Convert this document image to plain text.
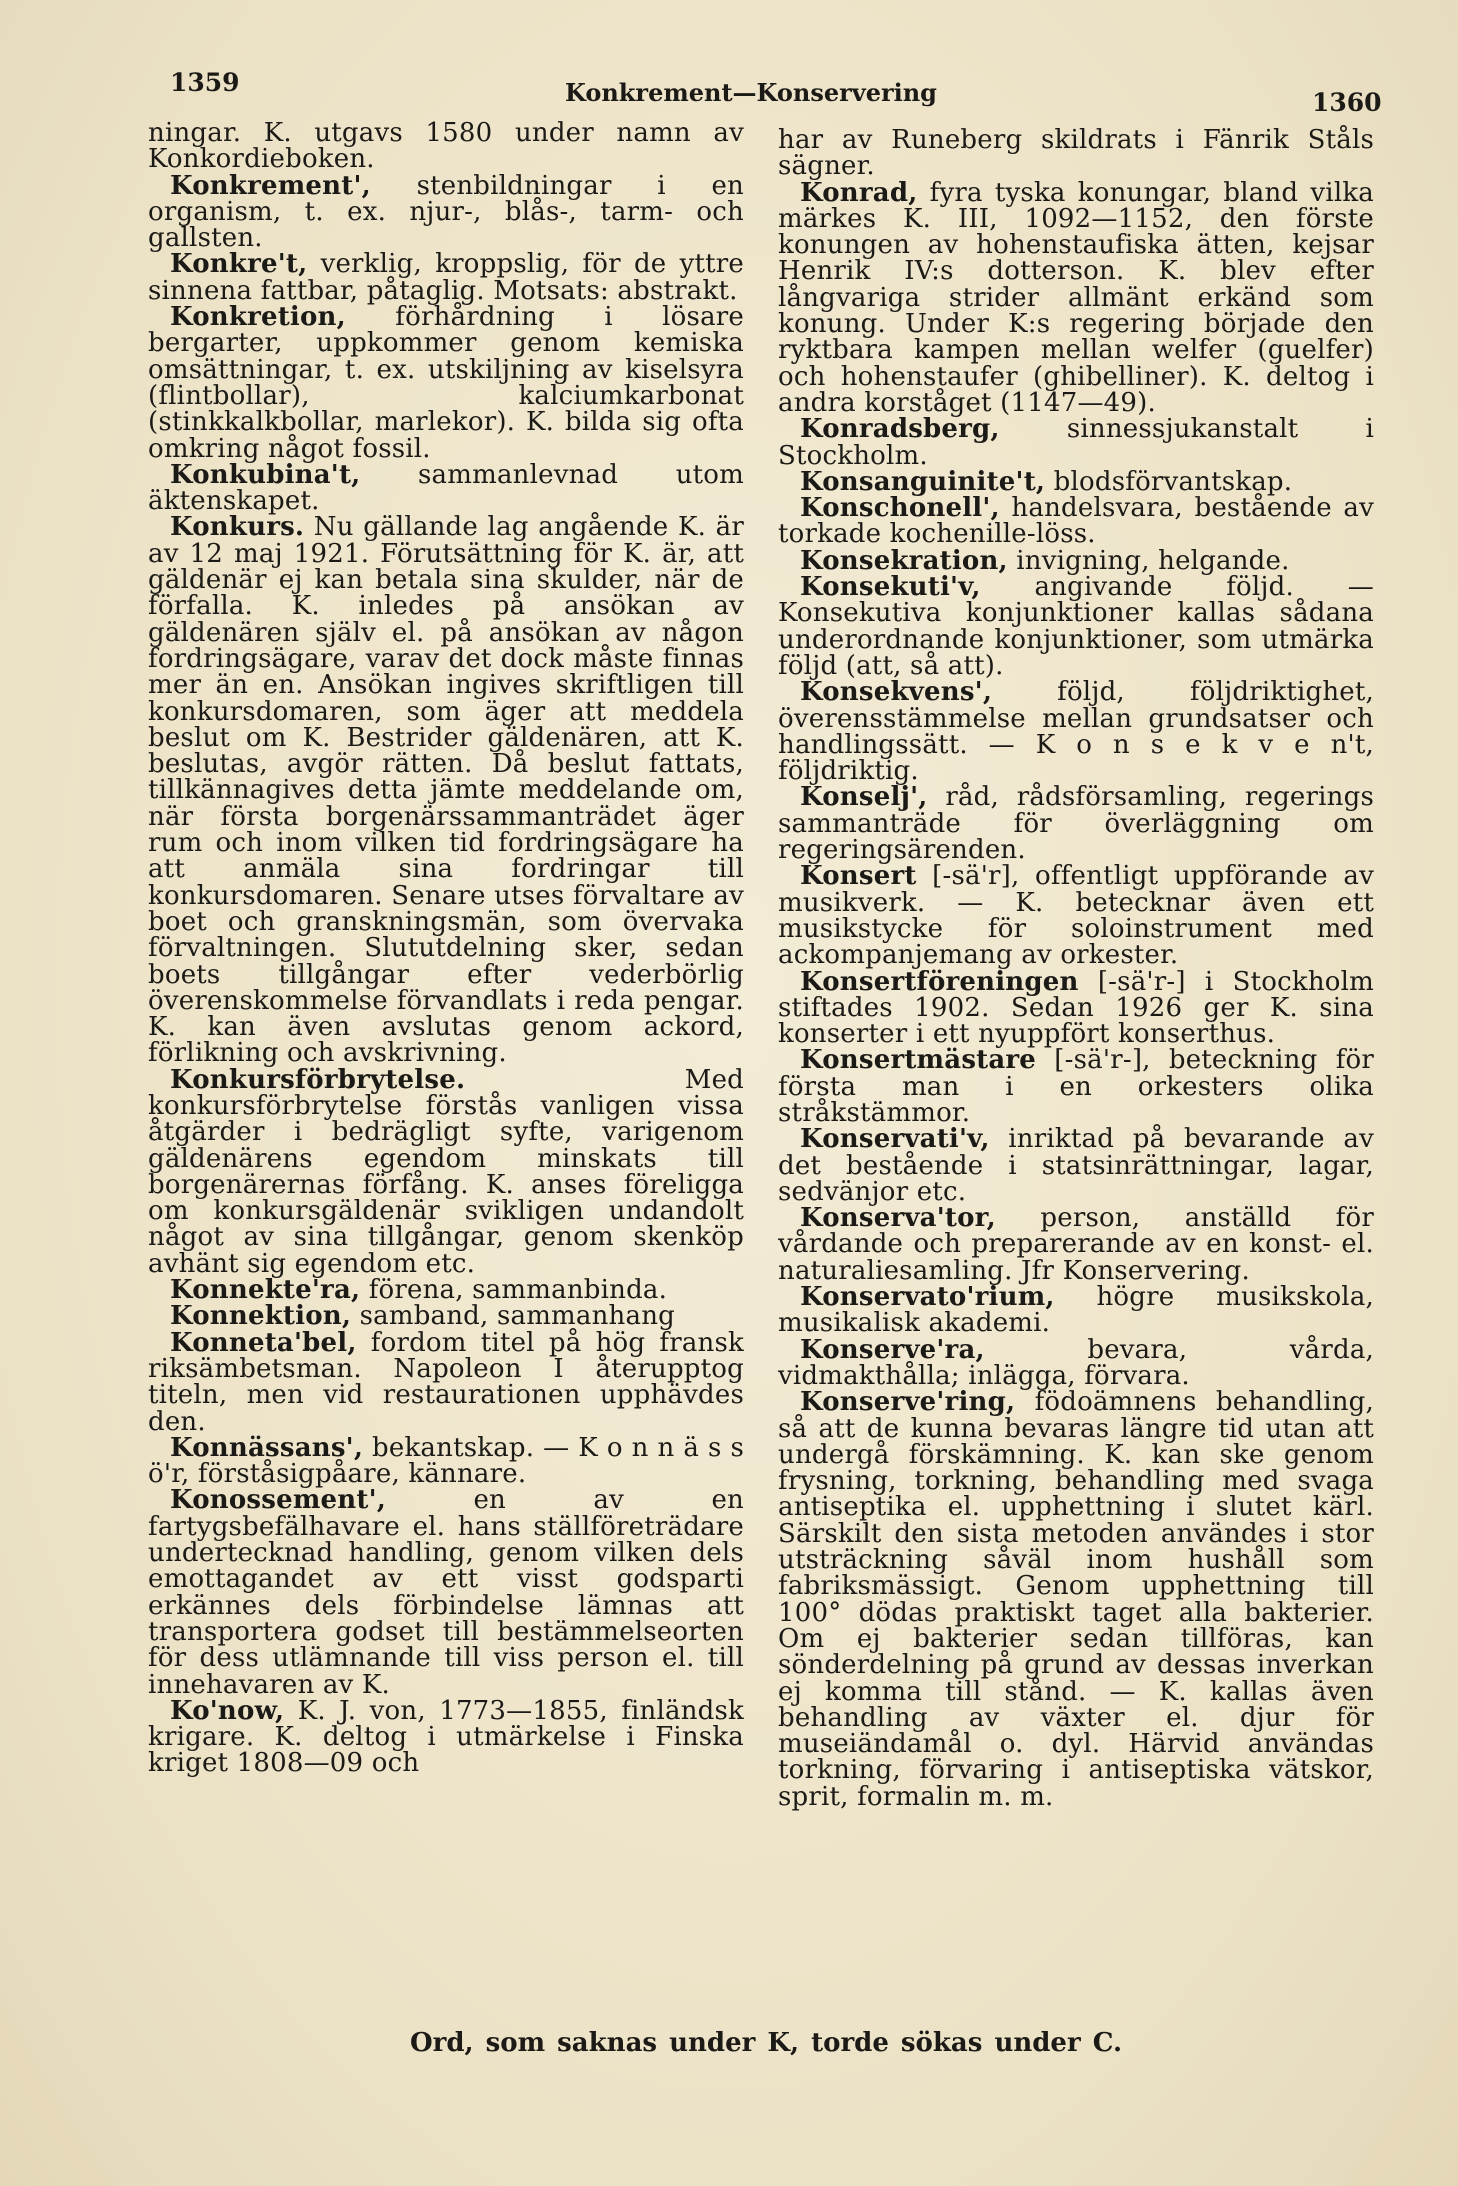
1359	Konkrement—Konservering	1360
ningar. K. utgavs 1580 under namn av Konkordieboken.
Konkrement', stenbildningar i en organism, t. ex. njur-, blås-, tarm- och gallsten.
Konkre't, verklig, kroppslig, för de yttre sinnena fattbar, påtaglig. Motsats: abstrakt.
Konkretion, förhårdning i lösare bergarter, uppkommer genom kemiska omsättningar, t. ex. utskiljning av kiselsyra (flintbollar), kalciumkarbonat (stinkkalkbollar, marlekor). K. bilda sig ofta omkring något fossil.
Konkubina't, sammanlevnad utom äktenskapet.
Konkurs. Nu gällande lag angående K. är av 12 maj 1921. Förutsättning för K. är, att gäldenär ej kan betala sina skulder, när de förfalla. K. inledes på ansökan av gäldenären själv el. på ansökan av någon fordringsägare, varav det dock måste finnas mer än en. Ansökan ingives skriftligen till konkursdomaren, som äger att meddela beslut om K. Bestrider gäldenären, att K. beslutas, avgör rätten. Då beslut fattats, tillkännagives detta jämte meddelande om, när första borgenärssammanträdet äger rum och inom vilken tid fordringsägare ha att anmäla sina fordringar till konkursdomaren. Senare utses förvaltare av boet och granskningsmän, som övervaka förvaltningen. Slututdelning sker, sedan boets tillgångar efter vederbörlig överenskommelse förvandlats i reda pengar. K. kan även avslutas genom ackord, förlikning och avskrivning.
Konkursförbrytelse. Med konkursförbrytelse förstås vanligen vissa åtgärder i bedrägligt syfte, varigenom gäldenärens egendom minskats till borgenärernas förfång. K. anses föreligga om konkursgäldenär svikligen undandolt något av sina tillgångar, genom skenköp avhänt sig egendom etc.
Konnekte'ra, förena, sammanbinda.
Konnektion, samband, sammanhang
Konneta'bel, fordom titel på hög fransk riksämbetsman. Napoleon I återupptog titeln, men vid restaurationen upphävdes den.
Konnässans', bekantskap. — K o n n ä s s ö'r, förståsigpåare, kännare.
Konossement', en av en fartygsbefälhavare el. hans ställföreträdare undertecknad handling, genom vilken dels emottagandet av ett visst godsparti erkännes dels förbindelse lämnas att transportera godset till bestämmelseorten för dess utlämnande till viss person el. till innehavaren av K.
Ko'now, K. J. von, 1773—1855, finländsk krigare. K. deltog i utmärkelse i Finska kriget 1808—09 och
har av Runeberg skildrats i Fänrik Ståls sägner.
Konrad, fyra tyska konungar, bland vilka märkes K. III, 1092—1152, den förste konungen av hohenstaufiska ätten, kejsar Henrik IV:s dotterson. K. blev efter långvariga strider allmänt erkänd som konung. Under K:s regering började den ryktbara kampen mellan welfer (guelfer) och hohenstaufer (ghibelliner). K. deltog i andra korståget (1147—49).
Konradsberg, sinnessjukanstalt i Stockholm.
Konsanguinite't, blodsförvantskap.
Konschonell', handelsvara, bestående av torkade kochenille-löss.
Konsekration, invigning, helgande.
Konsekuti'v, angivande följd. — Konsekutiva konjunktioner kallas sådana underordnande konjunktioner, som utmärka följd (att, så att).
Konsekvens', följd, följdriktighet, överensstämmelse mellan grundsatser och handlingssätt. — K o n s e k v e n't, följdriktig.
Konselj', råd, rådsförsamling, regerings sammanträde för överläggning om regeringsärenden.
Konsert [-sä'r], offentligt uppförande av musikverk. — K. betecknar även ett musikstycke för soloinstrument med ackompanjemang av orkester.
Konsertföreningen [-sä'r-] i Stockholm stiftades 1902. Sedan 1926 ger K. sina konserter i ett nyuppfört konserthus.
Konsertmästare [-sä'r-], beteckning för första man i en orkesters olika stråkstämmor.
Konservati'v, inriktad på bevarande av det bestående i statsinrättningar, lagar, sedvänjor etc.
Konserva'tor, person, anställd för vårdande och preparerande av en konst- el. naturaliesamling. Jfr Konservering.
Konservato'rium, högre musikskola, musikalisk akademi.
Konserve'ra, bevara, vårda, vidmakthålla; inlägga, förvara.
Konserve'ring, födoämnens behandling, så att de kunna bevaras längre tid utan att undergå förskämning. K. kan ske genom frysning, torkning, behandling med svaga antiseptika el. upphettning i slutet kärl. Särskilt den sista metoden användes i stor utsträckning såväl inom hushåll som fabriksmässigt. Genom upphettning till 100° dödas praktiskt taget alla bakterier. Om ej bakterier sedan tillföras, kan sönderdelning på grund av dessas inverkan ej komma till stånd. — K. kallas även behandling av växter el. djur för museiändamål o. dyl. Härvid användas torkning, förvaring i antiseptiska vätskor, sprit, formalin m. m.
Ord, som saknas under K, torde sökas under C.
